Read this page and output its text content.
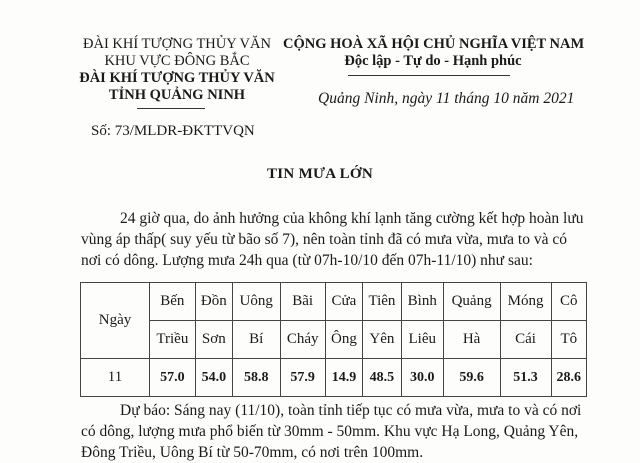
ĐÀI KHÍ TƯỢNG THỦY VĂN
KHU VỰC ĐÔNG BẮC
ĐÀI KHÍ TƯỢNG THỦY VĂN
TỈNH QUẢNG NINH
Số: 73/MLDR-ĐKTTVQN
CỘNG HOÀ XÃ HỘI CHỦ NGHĨA VIỆT NAM
Độc lập - Tự do - Hạnh phúc
Quảng Ninh, ngày 11 tháng 10 năm 2021
TIN MƯA LỚN

24 giờ qua, do ảnh hưởng của không khí lạnh tăng cường kết hợp hoàn lưu vùng áp thấp( suy yếu từ bão số 7), nên toàn tỉnh đã có mưa vừa, mưa to và có nơi có dông. Lượng mưa 24h qua (từ 07h-10/10 đến 07h-11/10) như sau:

Ngày	Bến	Đồn	Uông	Bãi	Cửa	Tiên	Bình	Quảng	Móng	Cô
	Triều	Sơn	Bí	Cháy	Ông	Yên	Liêu	Hà	Cái	Tô
11	57.0	54.0	58.8	57.9	14.9	48.5	30.0	59.6	51.3	28.6

Dự báo: Sáng nay (11/10), toàn tỉnh tiếp tục có mưa vừa, mưa to và có nơi có dông, lượng mưa phổ biến từ 30mm - 50mm. Khu vực Hạ Long, Quảng Yên, Đông Triều, Uông Bí từ 50-70mm, có nơi trên 100mm.
